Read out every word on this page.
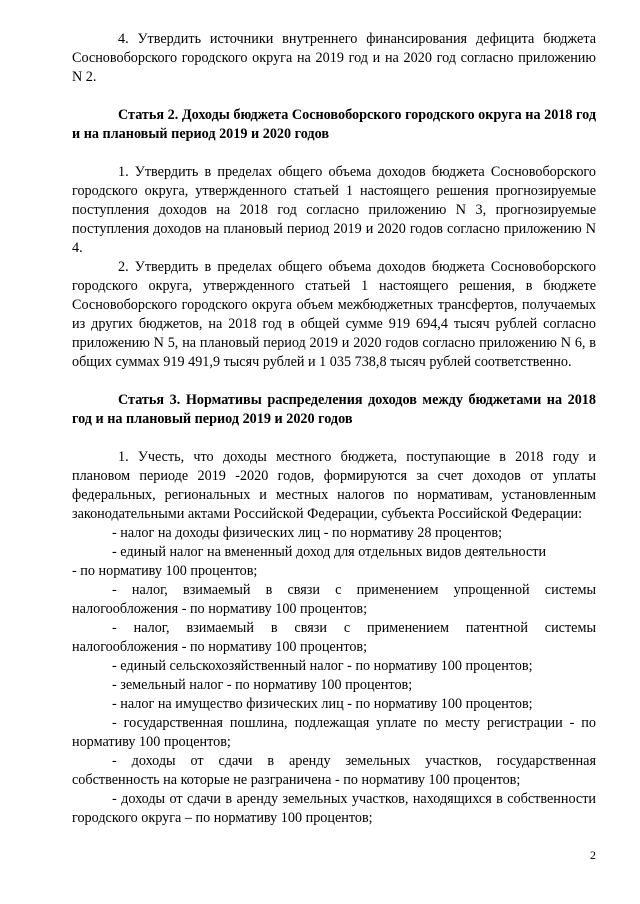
4. Утвердить источники внутреннего финансирования дефицита бюджета Сосновоборского городского округа на 2019 год и на 2020 год согласно приложению N 2.

Статья 2. Доходы бюджета Сосновоборского городского округа на 2018 год и на плановый период 2019 и 2020 годов

1. Утвердить в пределах общего объема доходов бюджета Сосновоборского городского округа, утвержденного статьей 1 настоящего решения прогнозируемые поступления доходов на 2018 год согласно приложению N 3, прогнозируемые поступления доходов на плановый период 2019 и 2020 годов согласно приложению N 4.

2. Утвердить в пределах общего объема доходов бюджета Сосновоборского городского округа, утвержденного статьей 1 настоящего решения, в бюджете Сосновоборского городского округа объем межбюджетных трансфертов, получаемых из других бюджетов, на 2018 год в общей сумме 919 694,4 тысяч рублей согласно приложению N 5, на плановый период 2019 и 2020 годов согласно приложению N 6, в общих суммах 919 491,9 тысяч рублей и 1 035 738,8 тысяч рублей соответственно.

Статья 3. Нормативы распределения доходов между бюджетами на 2018 год и на плановый период 2019 и 2020 годов

1. Учесть, что доходы местного бюджета, поступающие в 2018 году и плановом периоде 2019 -2020 годов, формируются за счет доходов от уплаты федеральных, региональных и местных налогов по нормативам, установленным законодательными актами Российской Федерации, субъекта Российской Федерации:

- налог на доходы физических лиц - по нормативу 28 процентов;

- единый налог на вмененный доход для отдельных видов деятельности

- по нормативу 100 процентов;

- налог, взимаемый в связи с применением упрощенной системы налогообложения - по нормативу 100 процентов;

- налог, взимаемый в связи с применением патентной системы налогообложения - по нормативу 100 процентов;

- единый сельскохозяйственный налог - по нормативу 100 процентов;

- земельный налог - по нормативу 100 процентов;

- налог на имущество физических лиц - по нормативу 100 процентов;

- государственная пошлина, подлежащая уплате по месту регистрации - по нормативу 100 процентов;

- доходы от сдачи в аренду земельных участков, государственная собственность на которые не разграничена - по нормативу 100 процентов;

- доходы от сдачи в аренду земельных участков, находящихся в собственности городского округа – по нормативу 100 процентов;

2
